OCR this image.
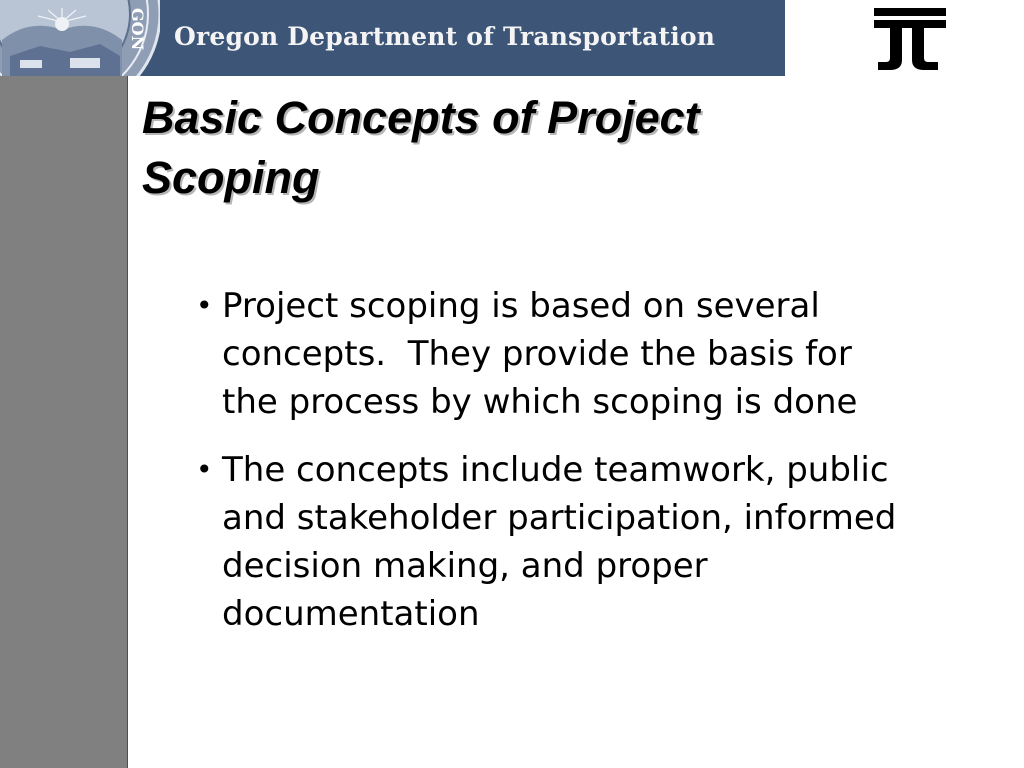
GON Oregon Department of Transportation
Basic Concepts of Project
Scoping
• Project scoping is based on several
concepts.  They provide the basis for
the process by which scoping is done
• The concepts include teamwork, public
and stakeholder participation, informed
decision making, and proper
documentation
